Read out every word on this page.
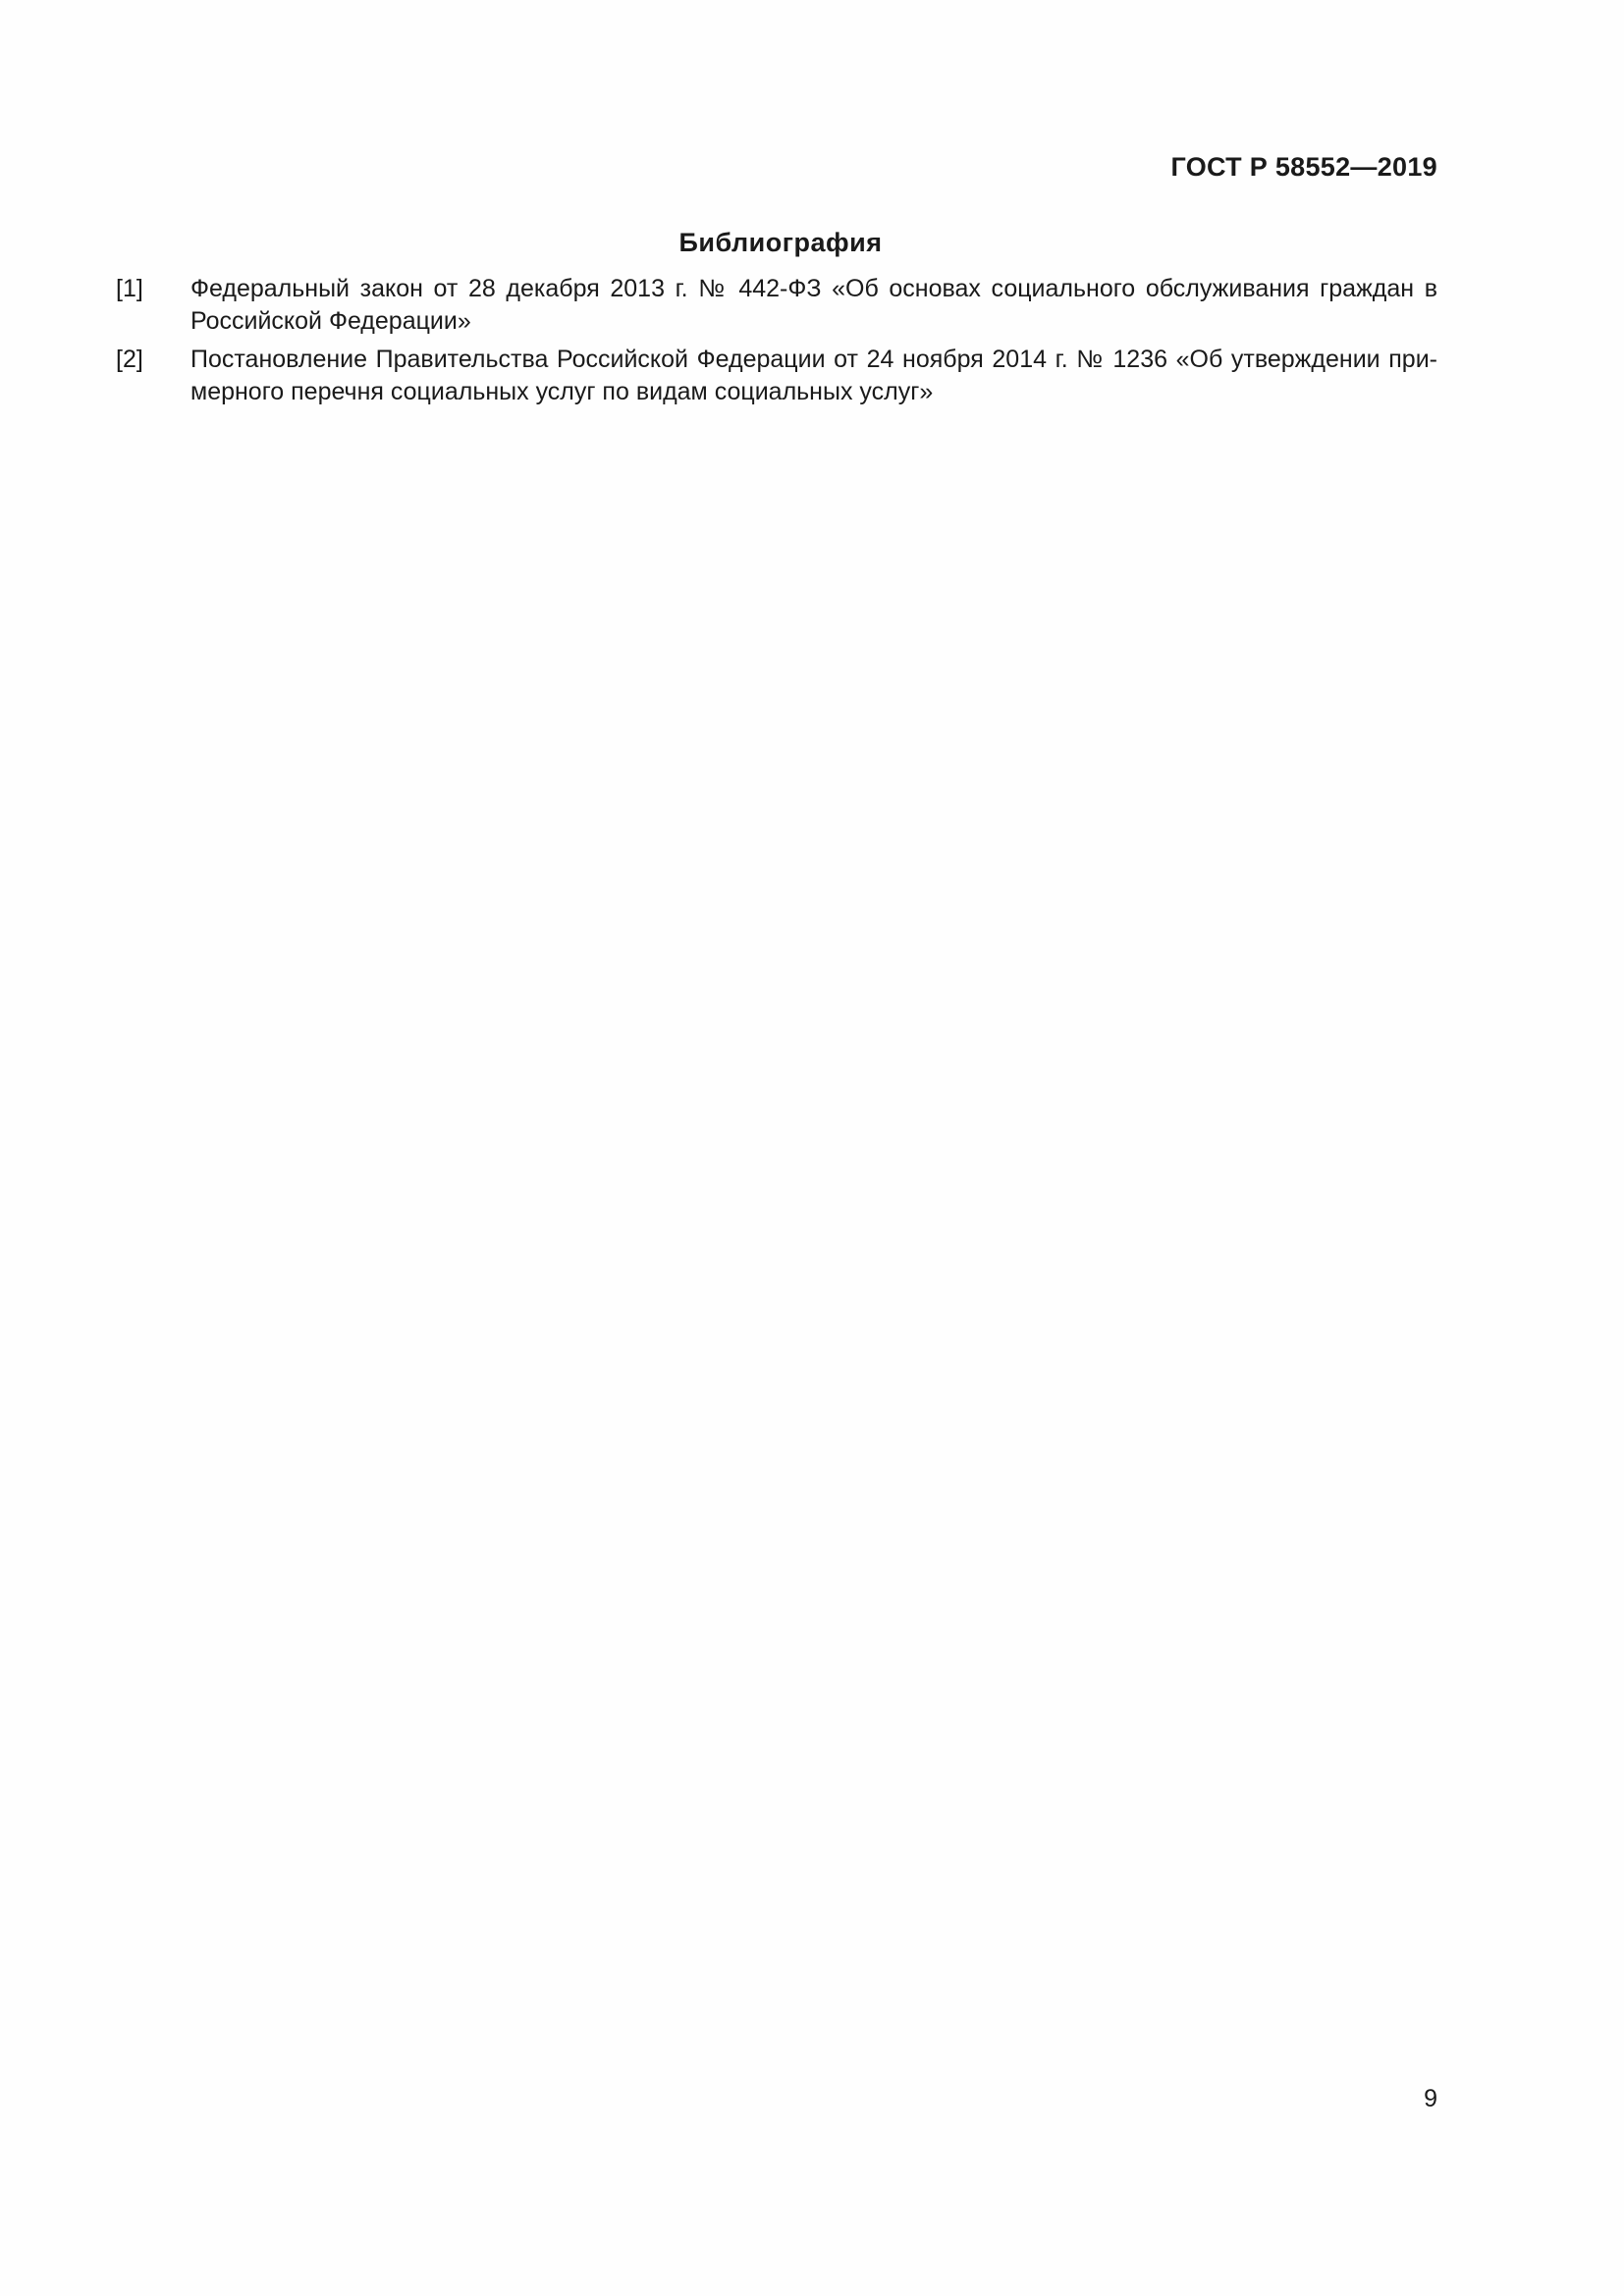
ГОСТ Р 58552—2019
Библиография
[1]	Федеральный закон от 28 декабря 2013 г. № 442-ФЗ «Об основах социального обслуживания граждан в Российской Федерации»
[2]	Постановление Правительства Российской Федерации от 24 ноября 2014 г. № 1236 «Об утверждении примерного перечня социальных услуг по видам социальных услуг»
9
